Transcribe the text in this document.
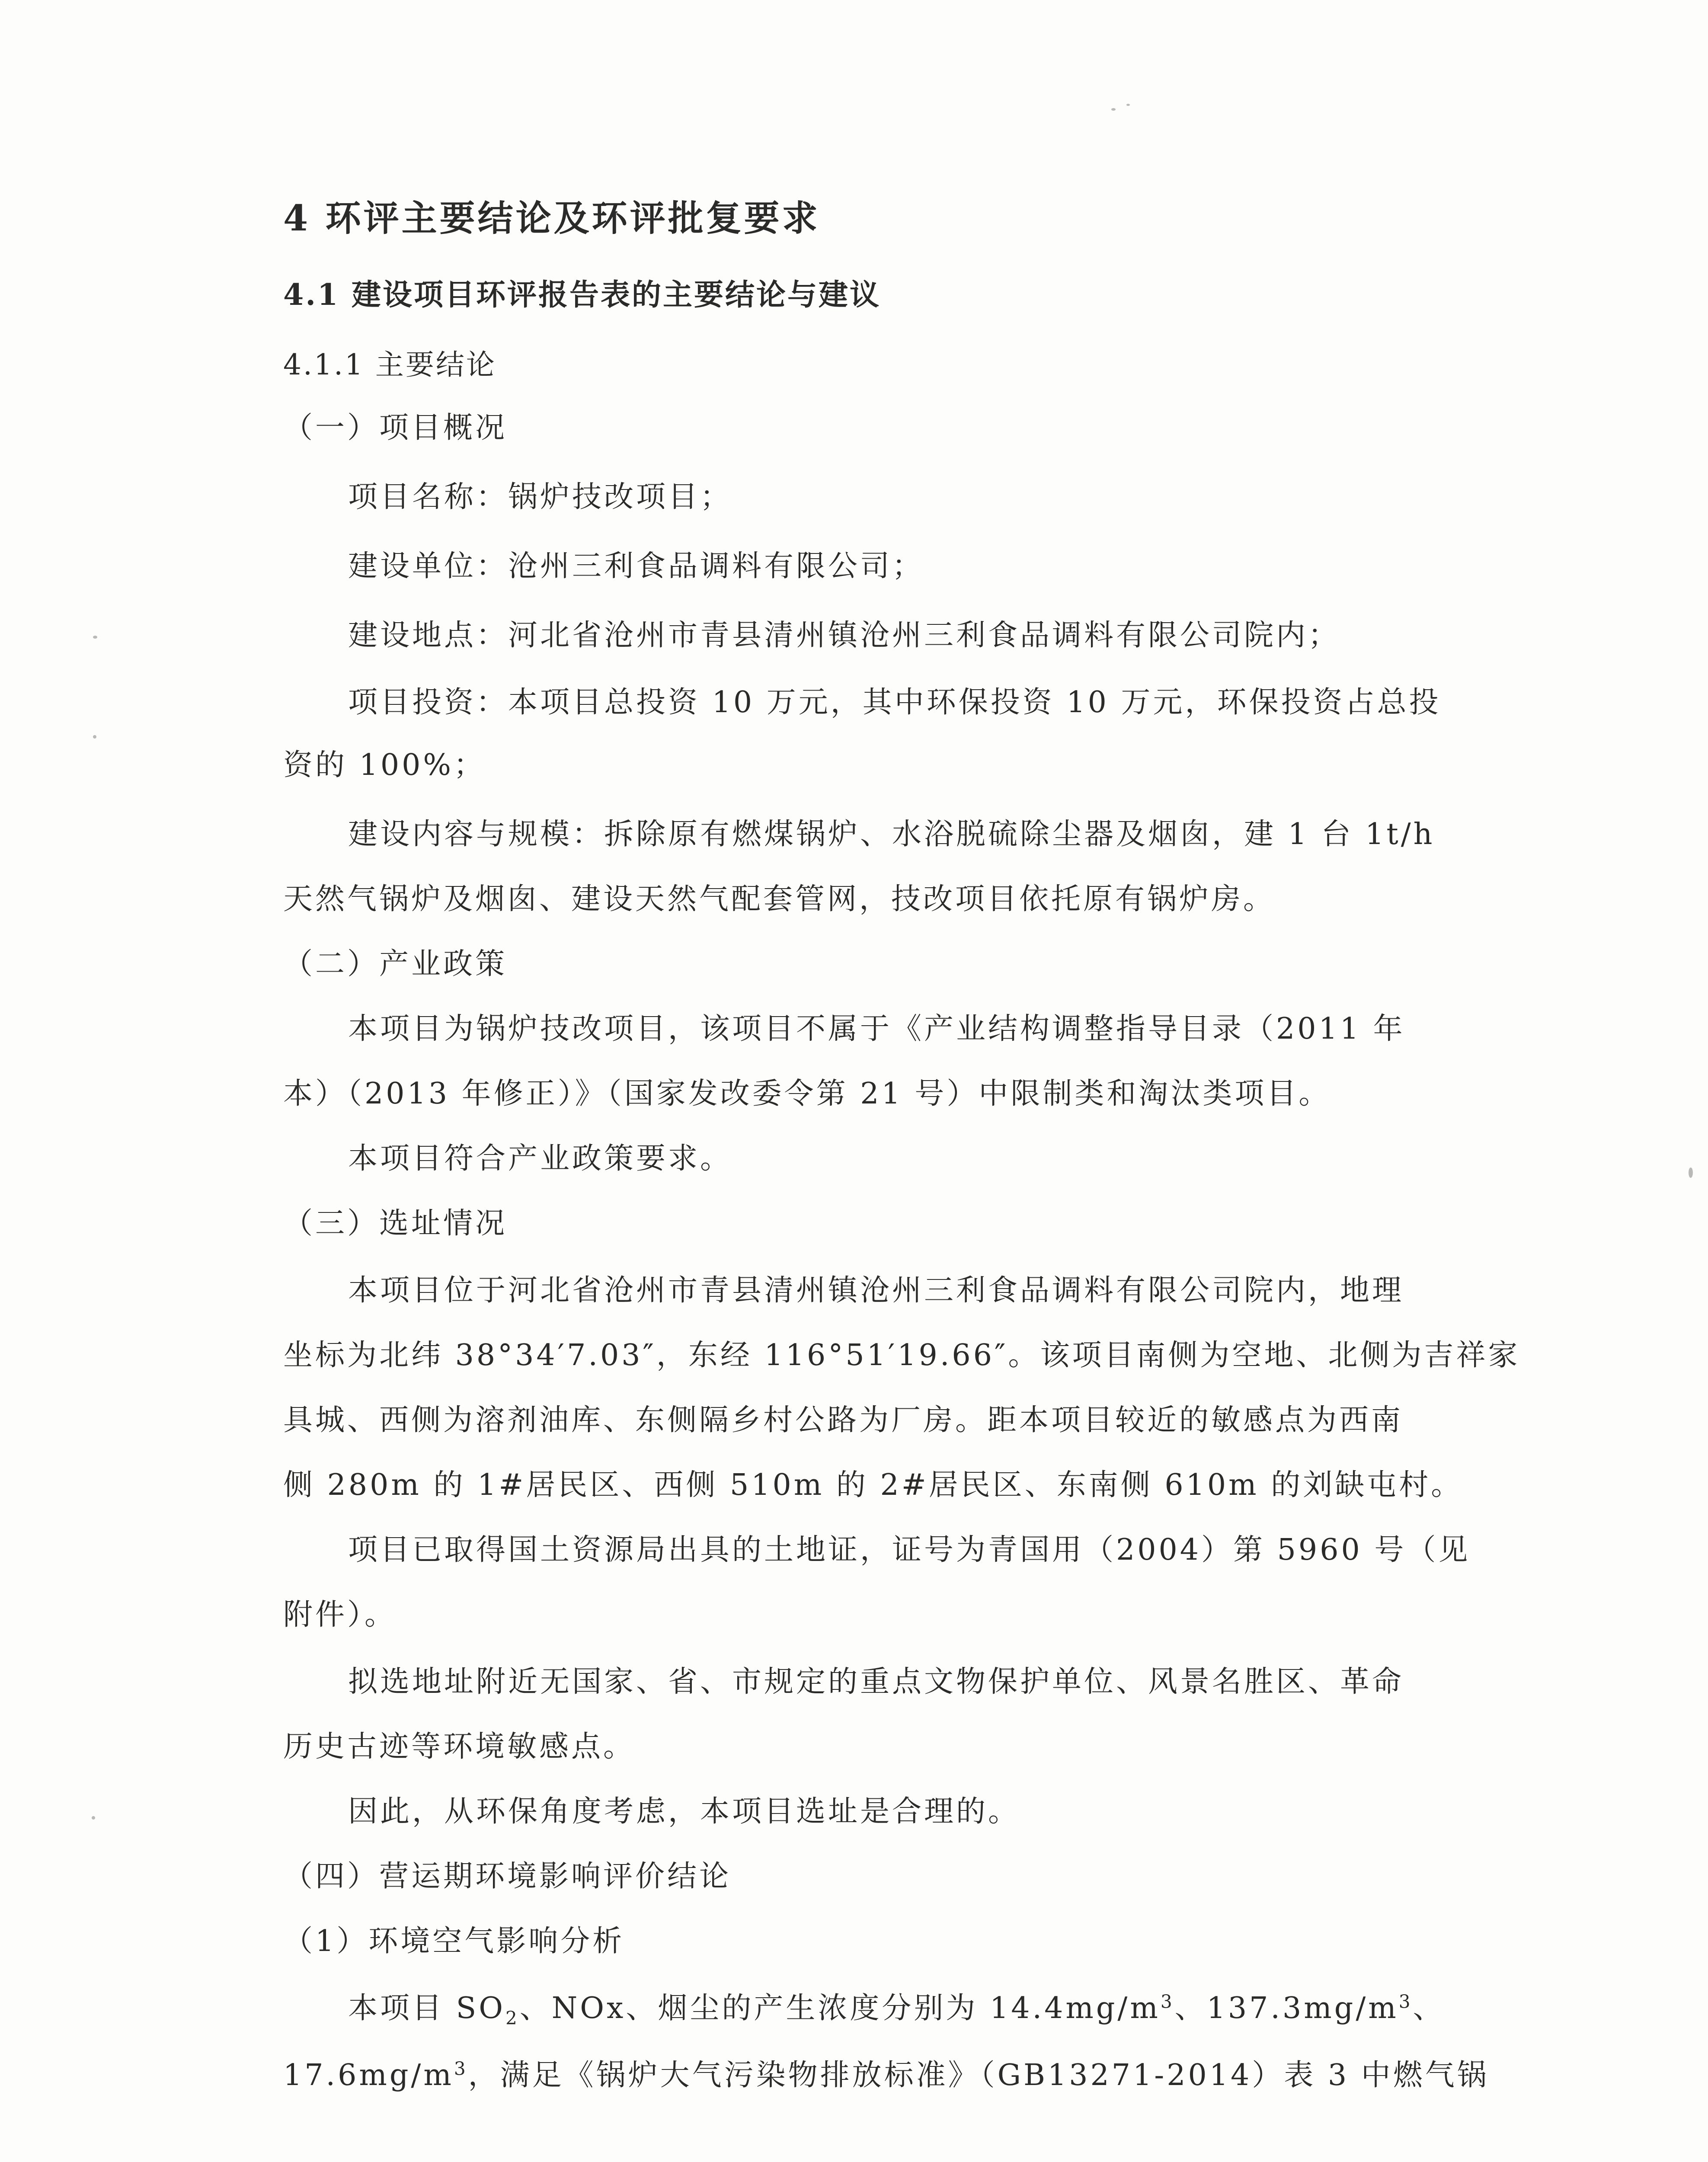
4 环评主要结论及环评批复要求
4.1 建设项目环评报告表的主要结论与建议
4.1.1 主要结论
（一）项目概况
项目名称：锅炉技改项目；
建设单位：沧州三利食品调料有限公司；
建设地点：河北省沧州市青县清州镇沧州三利食品调料有限公司院内；
项目投资：本项目总投资 10 万元，其中环保投资 10 万元，环保投资占总投
资的 100%；
建设内容与规模：拆除原有燃煤锅炉、水浴脱硫除尘器及烟囱，建 1 台 1t/h
天然气锅炉及烟囱、建设天然气配套管网，技改项目依托原有锅炉房。
（二）产业政策
本项目为锅炉技改项目，该项目不属于《产业结构调整指导目录（2011 年
本）（2013 年修正）》（国家发改委令第 21 号）中限制类和淘汰类项目。
本项目符合产业政策要求。
（三）选址情况
本项目位于河北省沧州市青县清州镇沧州三利食品调料有限公司院内，地理
坐标为北纬 38°34′7.03″，东经 116°51′19.66″。该项目南侧为空地、北侧为吉祥家
具城、西侧为溶剂油库、东侧隔乡村公路为厂房。距本项目较近的敏感点为西南
侧 280m 的 1#居民区、西侧 510m 的 2#居民区、东南侧 610m 的刘缺屯村。
项目已取得国土资源局出具的土地证，证号为青国用（2004）第 5960 号（见
附件）。
拟选地址附近无国家、省、市规定的重点文物保护单位、风景名胜区、革命
历史古迹等环境敏感点。
因此，从环保角度考虑，本项目选址是合理的。
（四）营运期环境影响评价结论
（1）环境空气影响分析
本项目 $SO_2$、NOx、烟尘的产生浓度分别为 $14.4mg/m^3$、$137.3mg/m^3$、
$17.6mg/m^3$，满足《锅炉大气污染物排放标准》（GB13271-2014）表 3 中燃气锅
